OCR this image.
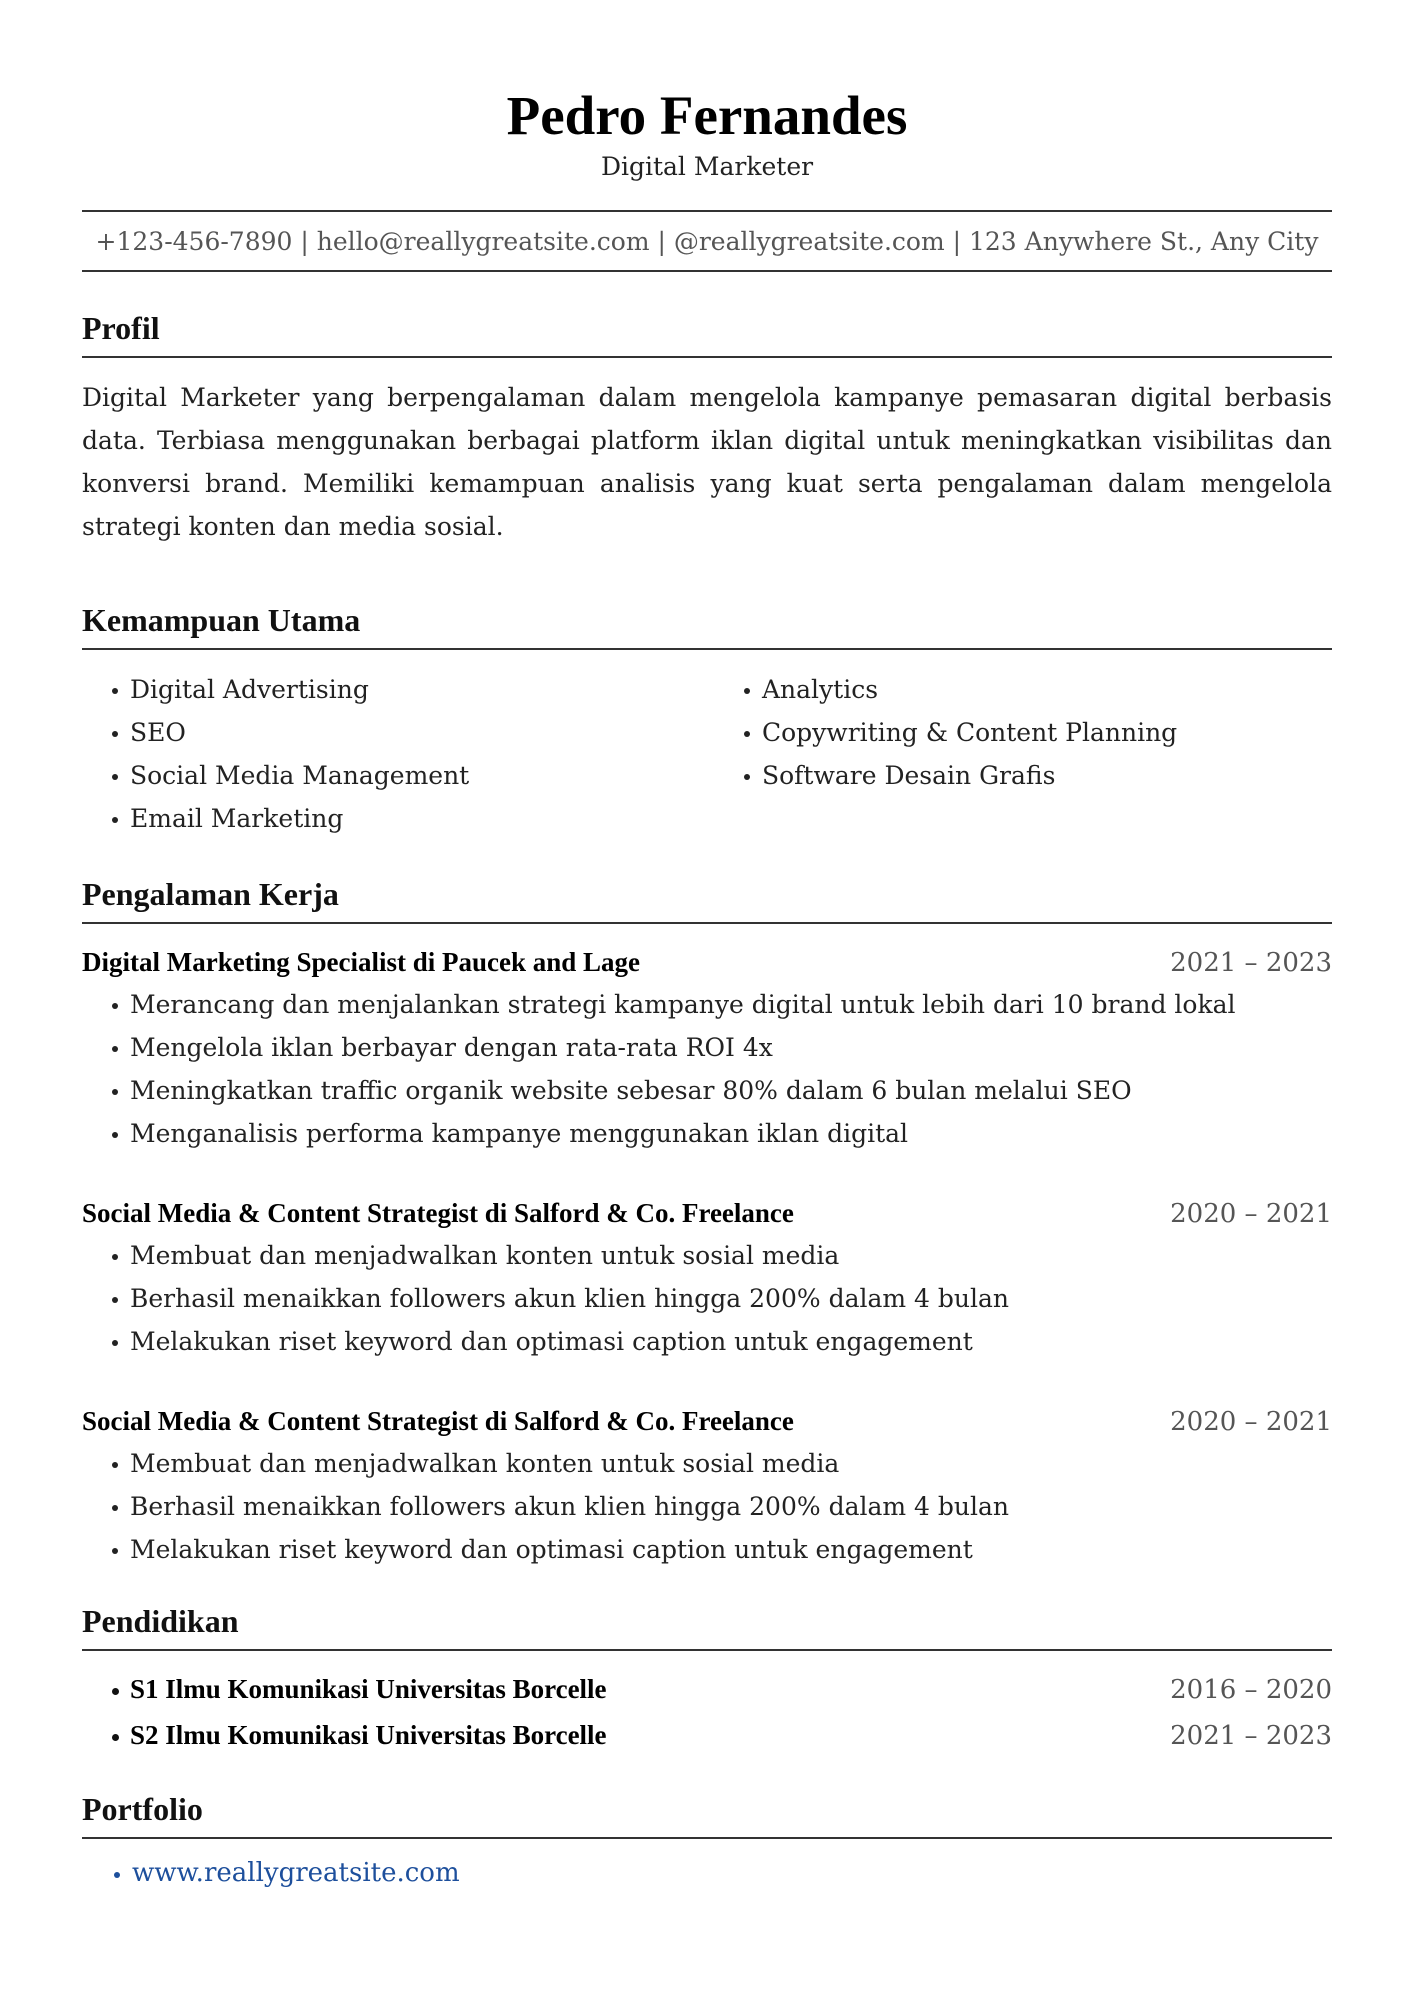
Pedro Fernandes
Digital Marketer
+123-456-7890 | hello@reallygreatsite.com | @reallygreatsite.com | 123 Anywhere St., Any City
Profil
Digital Marketer yang berpengalaman dalam mengelola kampanye pemasaran digital berbasis data. Terbiasa menggunakan berbagai platform iklan digital untuk meningkatkan visibilitas dan konversi brand. Memiliki kemampuan analisis yang kuat serta pengalaman dalam mengelola strategi konten dan media sosial.
Kemampuan Utama
Digital Advertising
SEO
Social Media Management
Email Marketing
Analytics
Copywriting & Content Planning
Software Desain Grafis
Pengalaman Kerja
Digital Marketing Specialist di Paucek and Lage	2021 – 2023
Merancang dan menjalankan strategi kampanye digital untuk lebih dari 10 brand lokal
Mengelola iklan berbayar dengan rata-rata ROI 4x
Meningkatkan traffic organik website sebesar 80% dalam 6 bulan melalui SEO
Menganalisis performa kampanye menggunakan iklan digital
Social Media & Content Strategist di Salford & Co. Freelance	2020 – 2021
Membuat dan menjadwalkan konten untuk sosial media
Berhasil menaikkan followers akun klien hingga 200% dalam 4 bulan
Melakukan riset keyword dan optimasi caption untuk engagement
Social Media & Content Strategist di Salford & Co. Freelance	2020 – 2021
Membuat dan menjadwalkan konten untuk sosial media
Berhasil menaikkan followers akun klien hingga 200% dalam 4 bulan
Melakukan riset keyword dan optimasi caption untuk engagement
Pendidikan
S1 Ilmu Komunikasi Universitas Borcelle	2016 – 2020
S2 Ilmu Komunikasi Universitas Borcelle	2021 – 2023
Portfolio
www.reallygreatsite.com
